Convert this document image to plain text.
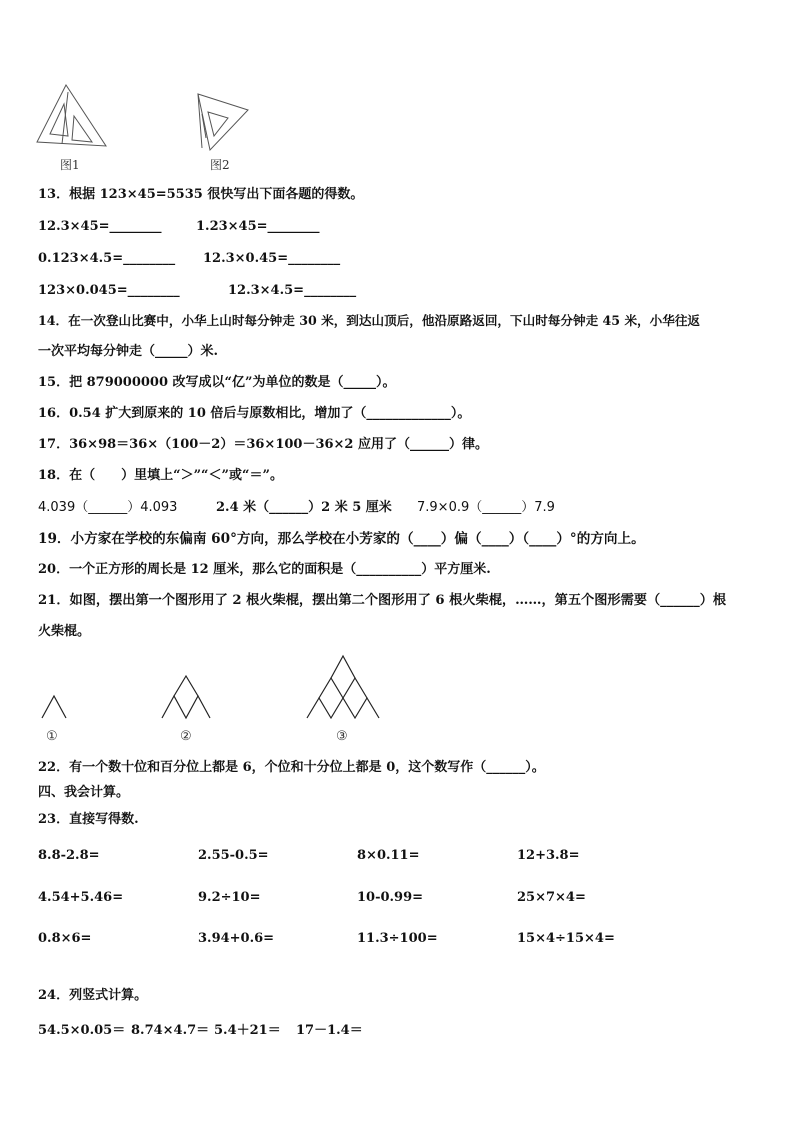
图1	图2
13．根据 123×45=5535 很快写出下面各题的得数。
12.3×45=________	1.23×45=________
0.123×4.5=________ 12.3×0.45=________
123×0.045=________	12.3×4.5=________
14．在一次登山比赛中，小华上山时每分钟走 30 米，到达山顶后，他沿原路返回，下山时每分钟走 45 米，小华往返
一次平均每分钟走（_____）米.
15．把 879000000 改写成以“亿”为单位的数是（_____）。
16．0.54 扩大到原来的 10 倍后与原数相比，增加了（_____________）。
17．36×98＝36×（100－2）＝36×100－36×2 应用了（______）律。
18．在（　　）里填上“＞”“＜”或“＝”。
4.039（______）4.093	2.4 米（______）2 米 5 厘米 7.9×0.9（______）7.9
19．小方家在学校的东偏南 60°方向，那么学校在小芳家的（____）偏（____）（____）°的方向上。
20．一个正方形的周长是 12 厘米，那么它的面积是（__________）平方厘米.
21．如图，摆出第一个图形用了 2 根火柴棍，摆出第二个图形用了 6 根火柴棍，……，第五个图形需要（______）根
火柴棍。
①	②	③
22．有一个数十位和百分位上都是 6，个位和十分位上都是 0，这个数写作（______）。
四、我会计算。
23．直接写得数.
8.8-2.8=	2.55-0.5=	8×0.11=	12+3.8=
4.54+5.46=	9.2÷10=	10-0.99=	25×7×4=
0.8×6=	3.94+0.6=	11.3÷100=	15×4÷15×4=
24．列竖式计算。
54.5×0.05＝ 8.74×4.7＝ 5.4＋21＝ 17－1.4＝
